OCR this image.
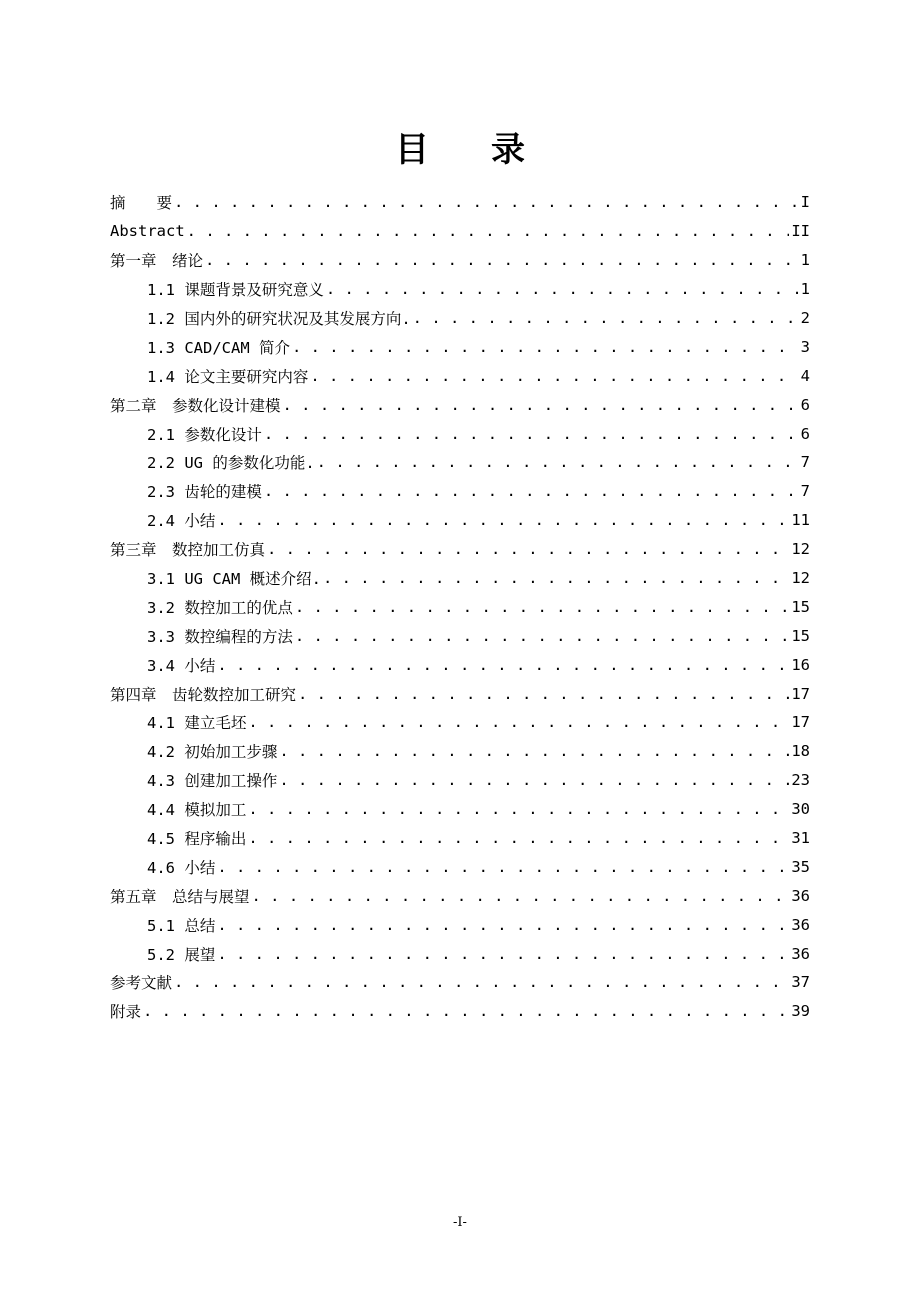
目 录
摘　　要 . . .	I
Abstract . . .	II
第一章　绪论 . . .	1
1.1 课题背景及研究意义 . . .	1
1.2 国内外的研究状况及其发展方向. . . .	2
1.3 CAD/CAM 简介 . . .	3
1.4 论文主要研究内容 . . .	4
第二章　参数化设计建模 . . .	6
2.1 参数化设计 . . .	6
2.2 UG 的参数化功能. . . .	7
2.3 齿轮的建模 . . .	7
2.4 小结 . . .	11
第三章　数控加工仿真 . . .	12
3.1 UG CAM 概述介绍. . . .	12
3.2 数控加工的优点 . . .	15
3.3 数控编程的方法 . . .	15
3.4 小结 . . .	16
第四章　齿轮数控加工研究 . . .	17
4.1 建立毛坯 . . .	17
4.2 初始加工步骤 . . .	18
4.3 创建加工操作 . . .	23
4.4 模拟加工 . . .	30
4.5 程序输出 . . .	31
4.6 小结 . . .	35
第五章　总结与展望 . . .	36
5.1 总结 . . .	36
5.2 展望 . . .	36
参考文献 . . .	37
附录 . . .	39
-I-
